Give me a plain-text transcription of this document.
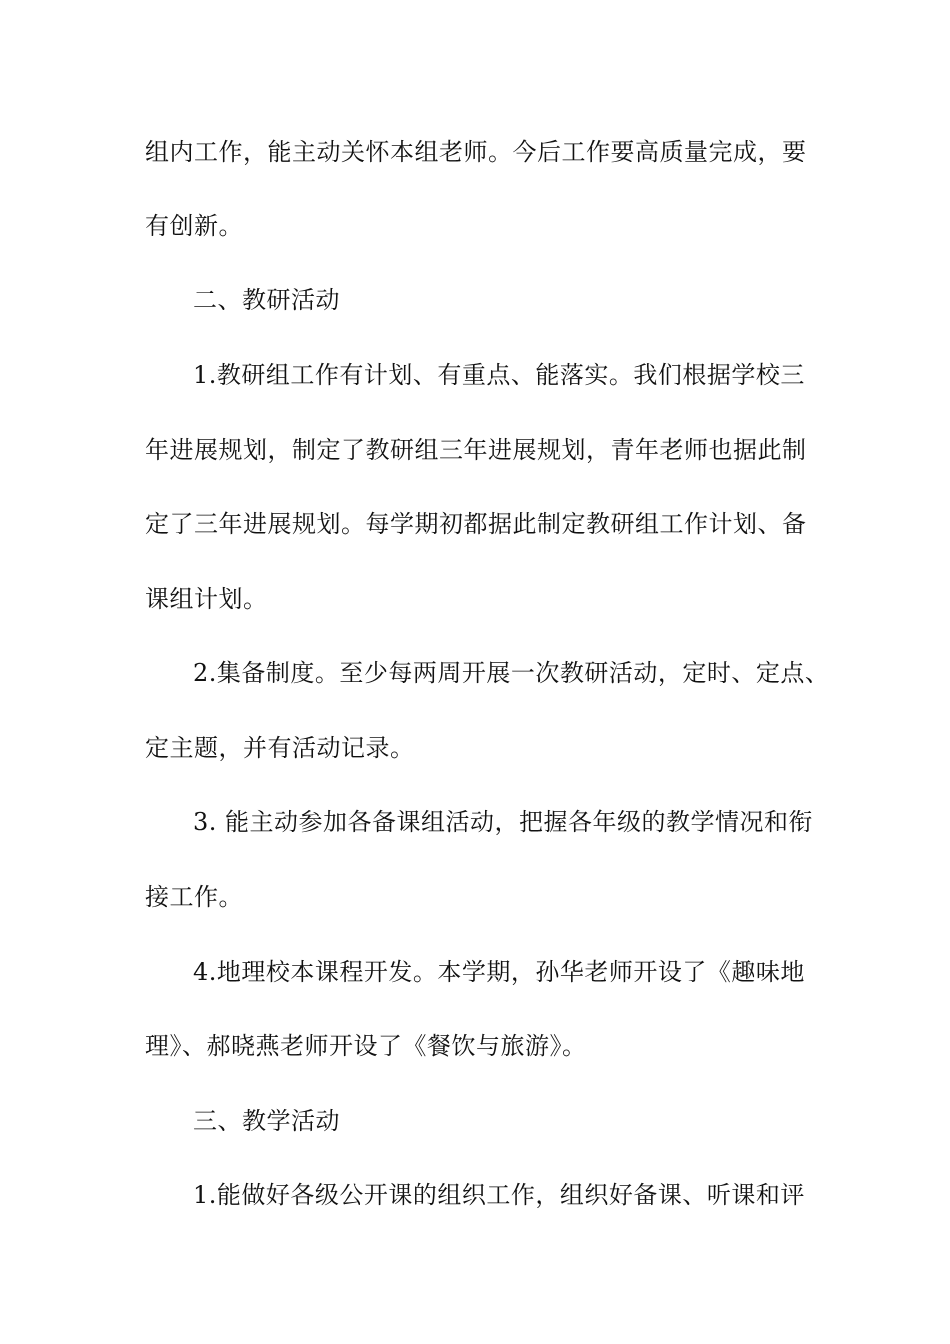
组内工作，能主动关怀本组老师。今后工作要高质量完成，要
有创新。
二、教研活动
1.教研组工作有计划、有重点、能落实。我们根据学校三
年进展规划，制定了教研组三年进展规划，青年老师也据此制
定了三年进展规划。每学期初都据此制定教研组工作计划、备
课组计划。
2.集备制度。至少每两周开展一次教研活动，定时、定点、
定主题，并有活动记录。
3. 能主动参加各备课组活动，把握各年级的教学情况和衔
接工作。
4.地理校本课程开发。本学期，孙华老师开设了《趣味地
理》、郝晓燕老师开设了《餐饮与旅游》。
三、教学活动
1.能做好各级公开课的组织工作，组织好备课、听课和评
